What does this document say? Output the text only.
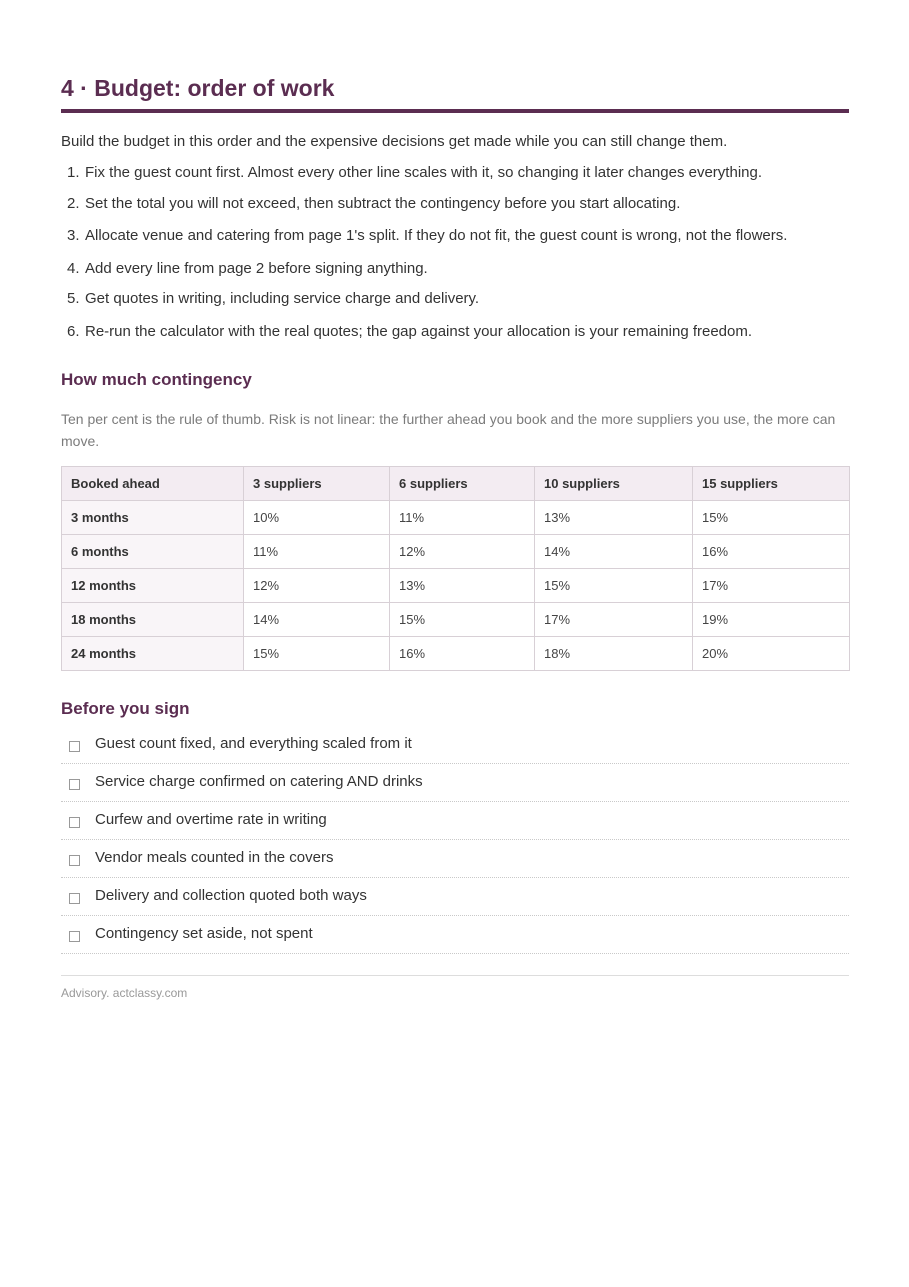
4 · Budget: order of work

Build the budget in this order and the expensive decisions get made while you can still change them.

1. Fix the guest count first. Almost every other line scales with it, so changing it later changes everything.
2. Set the total you will not exceed, then subtract the contingency before you start allocating.
3. Allocate venue and catering from page 1's split. If they do not fit, the guest count is wrong, not the flowers.
4. Add every line from page 2 before signing anything.
5. Get quotes in writing, including service charge and delivery.
6. Re-run the calculator with the real quotes; the gap against your allocation is your remaining freedom.
How much contingency

Ten per cent is the rule of thumb. Risk is not linear: the further ahead you book and the more suppliers you use, the more can move.

Booked ahead	3 suppliers	6 suppliers	10 suppliers	15 suppliers
3 months	10%	11%	13%	15%
6 months	11%	12%	14%	16%
12 months	12%	13%	15%	17%
18 months	14%	15%	17%	19%
24 months	15%	16%	18%	20%
Before you sign
Guest count fixed, and everything scaled from it
Service charge confirmed on catering AND drinks
Curfew and overtime rate in writing
Vendor meals counted in the covers
Delivery and collection quoted both ways
Contingency set aside, not spent
Advisory. actclassy.com
